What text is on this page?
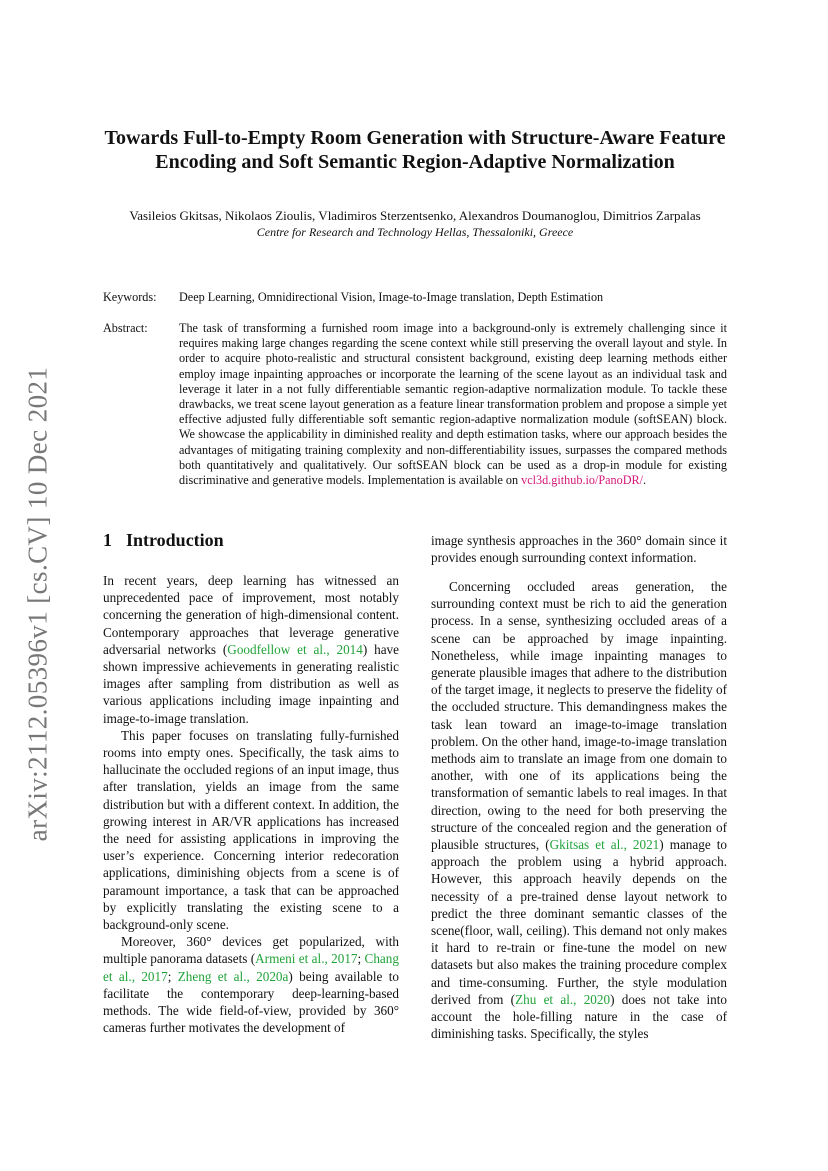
arXiv:2112.05396v1 [cs.CV] 10 Dec 2021
Towards Full-to-Empty Room Generation with Structure-Aware Feature Encoding and Soft Semantic Region-Adaptive Normalization
Vasileios Gkitsas, Nikolaos Zioulis, Vladimiros Sterzentsenko, Alexandros Doumanoglou, Dimitrios Zarpalas
Centre for Research and Technology Hellas, Thessaloniki, Greece
Keywords: Deep Learning, Omnidirectional Vision, Image-to-Image translation, Depth Estimation
Abstract:	The task of transforming a furnished room image into a background-only is extremely challenging since it requires making large changes regarding the scene context while still preserving the overall layout and style. In order to acquire photo-realistic and structural consistent background, existing deep learning methods either employ image inpainting approaches or incorporate the learning of the scene layout as an individual task and leverage it later in a not fully differentiable semantic region-adaptive normalization module. To tackle these drawbacks, we treat scene layout generation as a feature linear transformation problem and propose a simple yet effective adjusted fully differentiable soft semantic region-adaptive normalization module (softSEAN) block. We showcase the applicability in diminished reality and depth estimation tasks, where our approach besides the advantages of mitigating training complexity and non-differentiability issues, surpasses the compared methods both quantitatively and qualitatively. Our softSEAN block can be used as a drop-in module for existing discriminative and generative models. Implementation is available on vcl3d.github.io/PanoDR/.
1 Introduction

In recent years, deep learning has witnessed an unprecedented pace of improvement, most notably concerning the generation of high-dimensional content. Contemporary approaches that leverage generative adversarial networks (Goodfellow et al., 2014) have shown impressive achievements in generating realistic images after sampling from distribution as well as various applications including image inpainting and image-to-image translation.

This paper focuses on translating fully-furnished rooms into empty ones. Specifically, the task aims to hallucinate the occluded regions of an input image, thus after translation, yields an image from the same distribution but with a different context. In addition, the growing interest in AR/VR applications has increased the need for assisting applications in improving the user’s experience. Concerning interior redecoration applications, diminishing objects from a scene is of paramount importance, a task that can be approached by explicitly translating the existing scene to a background-only scene.

Moreover, 360° devices get popularized, with multiple panorama datasets (Armeni et al., 2017; Chang et al., 2017; Zheng et al., 2020a) being available to facilitate the contemporary deep-learning-based methods. The wide field-of-view, provided by 360° cameras further motivates the development of

image synthesis approaches in the 360° domain since it provides enough surrounding context information.

Concerning occluded areas generation, the surrounding context must be rich to aid the generation process. In a sense, synthesizing occluded areas of a scene can be approached by image inpainting. Nonetheless, while image inpainting manages to generate plausible images that adhere to the distribution of the target image, it neglects to preserve the fidelity of the occluded structure. This demandingness makes the task lean toward an image-to-image translation problem. On the other hand, image-to-image translation methods aim to translate an image from one domain to another, with one of its applications being the transformation of semantic labels to real images. In that direction, owing to the need for both preserving the structure of the concealed region and the generation of plausible structures, (Gkitsas et al., 2021) manage to approach the problem using a hybrid approach. However, this approach heavily depends on the necessity of a pre-trained dense layout network to predict the three dominant semantic classes of the scene(floor, wall, ceiling). This demand not only makes it hard to re-train or fine-tune the model on new datasets but also makes the training procedure complex and time-consuming. Further, the style modulation derived from (Zhu et al., 2020) does not take into account the hole-filling nature in the case of diminishing tasks. Specifically, the styles
